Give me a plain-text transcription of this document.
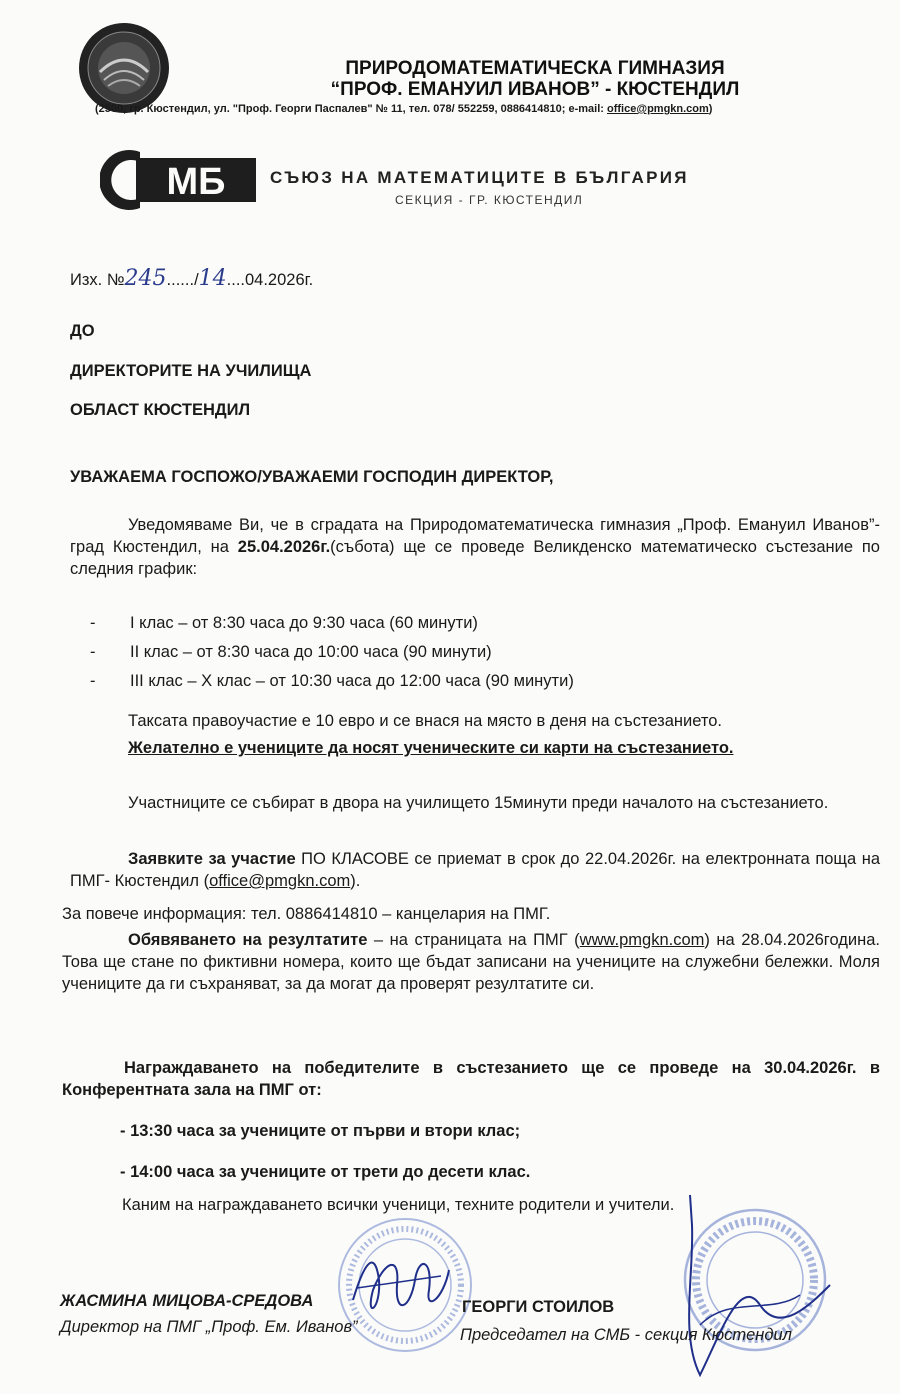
ПРИРОДОМАТЕМАТИЧЕСКА ГИМНАЗИЯ
“ПРОФ. ЕМАНУИЛ ИВАНОВ” - КЮСТЕНДИЛ
(2500, гр. Кюстендил, ул. "Проф. Георги Паспалев" № 11, тел. 078/ 552259, 0886414810; e-mail: office@pmgkn.com)
МБ	СЪЮЗ НА МАТЕМАТИЦИТЕ В БЪЛГАРИЯ
СЕКЦИЯ - ГР. КЮСТЕНДИЛ
Изх. №245....../14....04.2026г.
ДО
ДИРЕКТОРИТЕ НА УЧИЛИЩА
ОБЛАСТ КЮСТЕНДИЛ
УВАЖАЕМА ГОСПОЖО/УВАЖАЕМИ ГОСПОДИН ДИРЕКТОР,
Уведомяваме Ви, че в сградата на Природоматематическа гимназия „Проф. Емануил Иванов”- град Кюстендил, на 25.04.2026г.(събота) ще се проведе Великденско математическо състезание по следния график:
- I клас – от 8:30 часа до 9:30 часа (60 минути)
- II клас – от 8:30 часа до 10:00 часа (90 минути)
- III клас – X клас – от 10:30 часа до 12:00 часа (90 минути)
Таксата правоучастие е 10 евро и се внася на място в деня на състезанието.
Желателно е учениците да носят ученическите си карти на състезанието.
Участниците се събират в двора на училището 15минути преди началото на състезанието.
Заявките за участие ПО КЛАСОВЕ се приемат в срок до 22.04.2026г. на електронната поща на ПМГ- Кюстендил (office@pmgkn.com).
За повече информация: тел. 0886414810 – канцелария на ПМГ.
Обявяването на резултатите – на страницата на ПМГ (www.pmgkn.com) на 28.04.2026година. Това ще стане по фиктивни номера, които ще бъдат записани на учениците на служебни бележки. Моля учениците да ги съхраняват, за да могат да проверят резултатите си.
Награждаването на победителите в състезанието ще се проведе на 30.04.2026г. в Конферентната зала на ПМГ от:
- 13:30 часа за учениците от първи и втори клас;
- 14:00 часа за учениците от трети до десети клас.
Каним на награждаването всички ученици, техните родители и учители.
ЖАСМИНА МИЦОВА-СРЕДОВА
Директор на ПМГ „Проф. Ем. Иванов”
ГЕОРГИ СТОИЛОВ
Председател на СМБ - секция Кюстендил
